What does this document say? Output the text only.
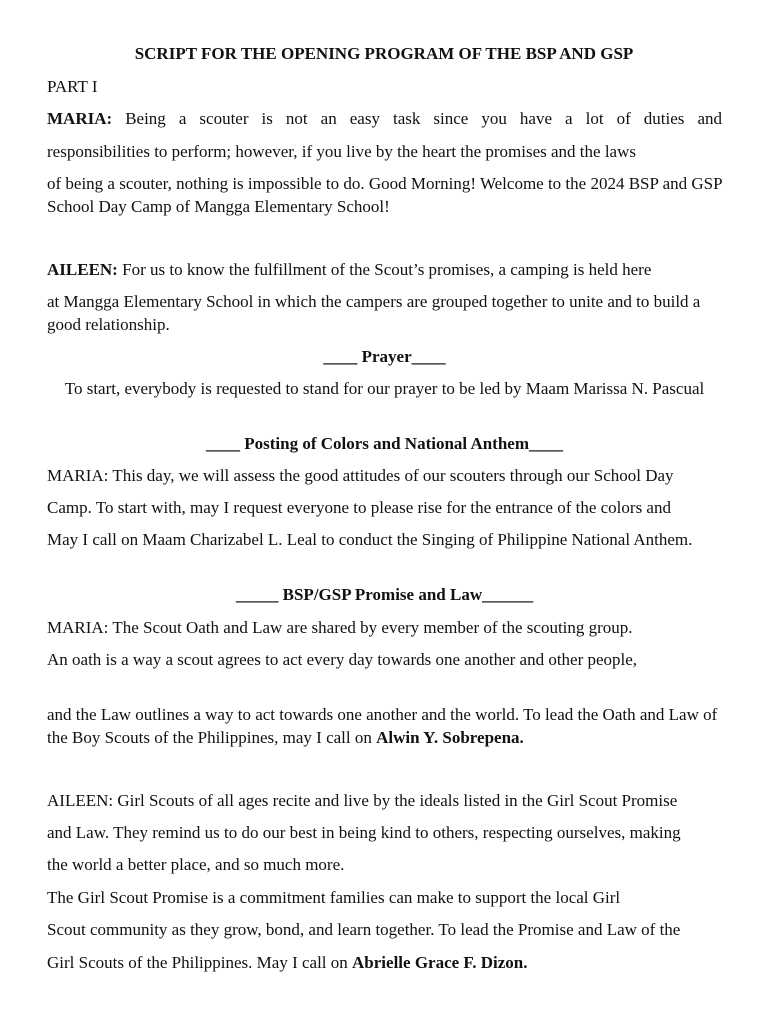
SCRIPT FOR THE OPENING PROGRAM OF THE BSP AND GSP

PART I

MARIA: Being a scouter is not an easy task since you have a lot of duties and

responsibilities to perform; however, if you live by the heart the promises and the laws

of being a scouter, nothing is impossible to do. Good Morning! Welcome to the 2024 BSP and GSP School Day Camp of Mangga Elementary School!

AILEEN: For us to know the fulfillment of the Scout’s promises, a camping is held here

at Mangga Elementary School in which the campers are grouped together to unite and to build a good relationship.

____ Prayer____

To start, everybody is requested to stand for our prayer to be led by Maam Marissa N. Pascual

____ Posting of Colors and National Anthem____

MARIA: This day, we will assess the good attitudes of our scouters through our School Day

Camp. To start with, may I request everyone to please rise for the entrance of the colors and

May I call on Maam Charizabel L. Leal to conduct the Singing of Philippine National Anthem.

_____ BSP/GSP Promise and Law______

MARIA: The Scout Oath and Law are shared by every member of the scouting group.

An oath is a way a scout agrees to act every day towards one another and other people,

and the Law outlines a way to act towards one another and the world. To lead the Oath and Law of the Boy Scouts of the Philippines, may I call on Alwin Y. Sobrepena.

AILEEN: Girl Scouts of all ages recite and live by the ideals listed in the Girl Scout Promise

and Law. They remind us to do our best in being kind to others, respecting ourselves, making

the world a better place, and so much more.

The Girl Scout Promise is a commitment families can make to support the local Girl

Scout community as they grow, bond, and learn together. To lead the Promise and Law of the

Girl Scouts of the Philippines. May I call on Abrielle Grace F. Dizon.
